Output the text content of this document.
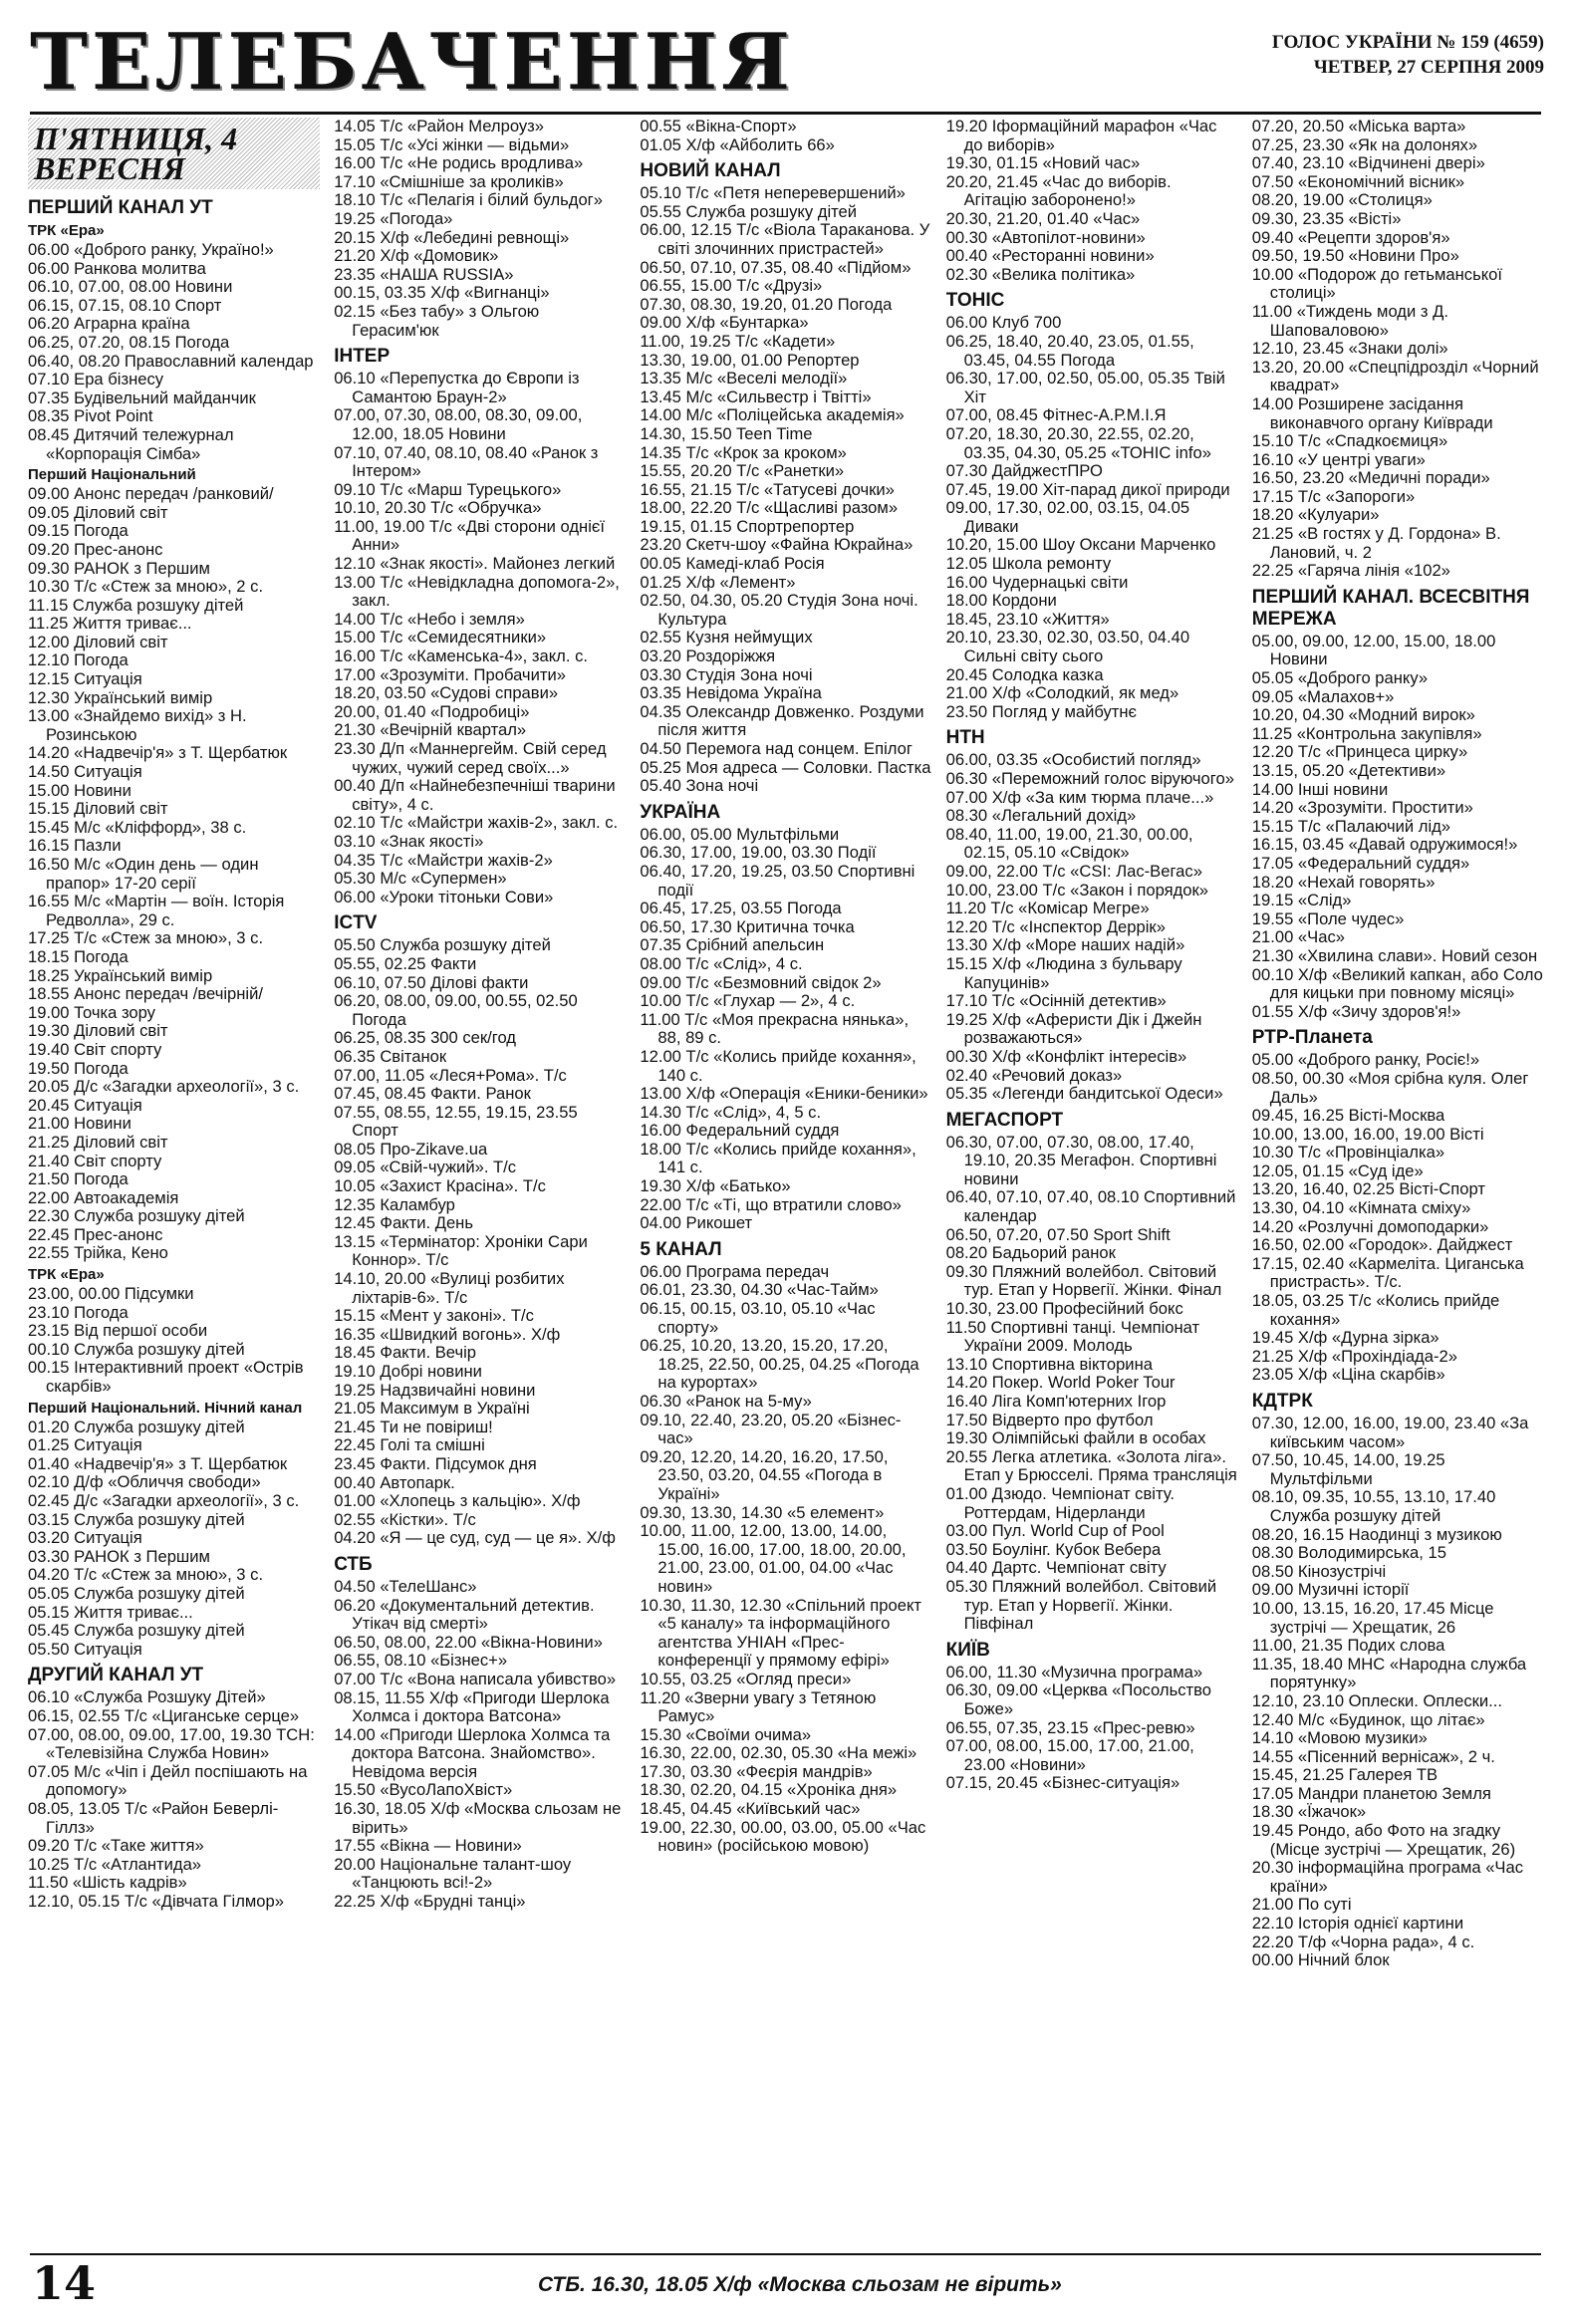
ТЕЛЕБАЧЕННЯ	ГОЛОС УКРАЇНИ № 159 (4659)
ЧЕТВЕР, 27 СЕРПНЯ 2009
П'ЯТНИЦЯ, 4 ВЕРЕСНЯ
ПЕРШИЙ КАНАЛ УТ
ТРК «Ера»
06.00 «Доброго ранку, Україно!»
06.00 Ранкова молитва
06.10, 07.00, 08.00 Новини
06.15, 07.15, 08.10 Спорт
06.20 Аграрна країна
06.25, 07.20, 08.15 Погода
06.40, 08.20 Православний календар
07.10 Ера бізнесу
07.35 Будівельний майданчик
08.35 Pivot Point
08.45 Дитячий тележурнал «Корпорація Сімба»
Перший Національний
09.00 Анонс передач /ранковий/
09.05 Діловий світ
09.15 Погода
09.20 Прес-анонс
09.30 РАНОК з Першим
10.30 Т/с «Стеж за мною», 2 с.
11.15 Служба розшуку дітей
11.25 Життя триває...
12.00 Діловий світ
12.10 Погода
12.15 Ситуація
12.30 Український вимір
13.00 «Знайдемо вихід» з Н. Розинською
14.20 «Надвечір'я» з Т. Щербатюк
14.50 Ситуація
15.00 Новини
15.15 Діловий світ
15.45 М/с «Кліффорд», 38 с.
16.15 Пазли
16.50 М/с «Один день — один прапор» 17-20 серії
16.55 М/с «Мартін — воїн. Історія Редволла», 29 с.
17.25 Т/с «Стеж за мною», 3 с.
18.15 Погода
18.25 Український вимір
18.55 Анонс передач /вечірній/
19.00 Точка зору
19.30 Діловий світ
19.40 Світ спорту
19.50 Погода
20.05 Д/с «Загадки археології», 3 с.
20.45 Ситуація
21.00 Новини
21.25 Діловий світ
21.40 Світ спорту
21.50 Погода
22.00 Автоакадемія
22.30 Служба розшуку дітей
22.45 Прес-анонс
22.55 Трійка, Кено
ТРК «Ера»
23.00, 00.00 Підсумки
23.10 Погода
23.15 Від першої особи
00.10 Служба розшуку дітей
00.15 Інтерактивний проект «Острів скарбів»
Перший Національний. Нічний канал
01.20 Служба розшуку дітей
01.25 Ситуація
01.40 «Надвечір'я» з Т. Щербатюк
02.10 Д/ф «Обличчя свободи»
02.45 Д/с «Загадки археології», 3 с.
03.15 Служба розшуку дітей
03.20 Ситуація
03.30 РАНОК з Першим
04.20 Т/с «Стеж за мною», 3 с.
05.05 Служба розшуку дітей
05.15 Життя триває...
05.45 Служба розшуку дітей
05.50 Ситуація
ДРУГИЙ КАНАЛ УТ
06.10 «Служба Розшуку Дітей»
06.15, 02.55 Т/с «Циганське серце»
07.00, 08.00, 09.00, 17.00, 19.30 ТСН: «Телевізійна Служба Новин»
07.05 М/с «Чіп і Дейл поспішають на допомогу»
08.05, 13.05 Т/с «Район Беверлі-Гіллз»
09.20 Т/с «Таке життя»
10.25 Т/с «Атлантида»
11.50 «Шість кадрів»
12.10, 05.15 Т/с «Дівчата Гілмор»
14.05 Т/с «Район Мелроуз»
15.05 Т/с «Усі жінки — відьми»
16.00 Т/с «Не родись вродлива»
17.10 «Смішніше за кроликів»
18.10 Т/с «Пелагія і білий бульдог»
19.25 «Погода»
20.15 Х/ф «Лебедині ревнощі»
21.20 Х/ф «Домовик»
23.35 «НАША RUSSIA»
00.15, 03.35 Х/ф «Вигнанці»
02.15 «Без табу» з Ольгою Герасим'юк
ІНТЕР
06.10 «Перепустка до Європи із Самантою Браун-2»
07.00, 07.30, 08.00, 08.30, 09.00, 12.00, 18.05 Новини
07.10, 07.40, 08.10, 08.40 «Ранок з Інтером»
09.10 Т/с «Марш Турецького»
10.10, 20.30 Т/с «Обручка»
11.00, 19.00 Т/с «Дві сторони однієї Анни»
12.10 «Знак якості». Майонез легкий
13.00 Т/с «Невідкладна допомога-2», закл.
14.00 Т/с «Небо і земля»
15.00 Т/с «Семидесятники»
16.00 Т/с «Каменська-4», закл. с.
17.00 «Зрозуміти. Пробачити»
18.20, 03.50 «Судові справи»
20.00, 01.40 «Подробиці»
21.30 «Вечірній квартал»
23.30 Д/п «Маннергейм. Свій серед чужих, чужий серед своїх...»
00.40 Д/п «Найнебезпечніші тварини світу», 4 с.
02.10 Т/с «Майстри жахів-2», закл. с.
03.10 «Знак якості»
04.35 Т/с «Майстри жахів-2»
05.30 М/с «Супермен»
06.00 «Уроки тітоньки Сови»
ICTV
05.50 Служба розшуку дітей
05.55, 02.25 Факти
06.10, 07.50 Ділові факти
06.20, 08.00, 09.00, 00.55, 02.50 Погода
06.25, 08.35 300 сек/год
06.35 Світанок
07.00, 11.05 «Леся+Рома». Т/с
07.45, 08.45 Факти. Ранок
07.55, 08.55, 12.55, 19.15, 23.55 Спорт
08.05 Про-Zikave.ua
09.05 «Свій-чужий». Т/с
10.05 «Захист Красіна». Т/с
12.35 Каламбур
12.45 Факти. День
13.15 «Термінатор: Хроніки Сари Коннор». Т/с
14.10, 20.00 «Вулиці розбитих ліхтарів-6». Т/с
15.15 «Мент у законі». Т/с
16.35 «Швидкий вогонь». Х/ф
18.45 Факти. Вечір
19.10 Добрі новини
19.25 Надзвичайні новини
21.05 Максимум в Україні
21.45 Ти не повіриш!
22.45 Голі та смішні
23.45 Факти. Підсумок дня
00.40 Автопарк.
01.00 «Хлопець з кальцію». Х/ф
02.55 «Кістки». Т/с
04.20 «Я — це суд, суд — це я». Х/ф
СТБ
04.50 «ТелеШанс»
06.20 «Документальний детектив. Утікач від смерті»
06.50, 08.00, 22.00 «Вікна-Новини»
06.55, 08.10 «Бізнес+»
07.00 Т/с «Вона написала убивство»
08.15, 11.55 Х/ф «Пригоди Шерлока Холмса і доктора Ватсона»
14.00 «Пригоди Шерлока Холмса та доктора Ватсона. Знайомство». Невідома версія
15.50 «ВусоЛапоХвіст»
16.30, 18.05 Х/ф «Москва сльозам не вірить»
17.55 «Вікна — Новини»
20.00 Національне талант-шоу «Танцюють всі!-2»
22.25 Х/ф «Брудні танці»
00.55 «Вікна-Спорт»
01.05 Х/ф «Айболить 66»
НОВИЙ КАНАЛ
05.10 Т/с «Петя неперевершений»
05.55 Служба розшуку дітей
06.00, 12.15 Т/с «Віола Тараканова. У світі злочинних пристрастей»
06.50, 07.10, 07.35, 08.40 «Підйом»
06.55, 15.00 Т/с «Друзі»
07.30, 08.30, 19.20, 01.20 Погода
09.00 Х/ф «Бунтарка»
11.00, 19.25 Т/с «Кадети»
13.30, 19.00, 01.00 Репортер
13.35 М/с «Веселі мелодії»
13.45 М/с «Сильвестр і Твітті»
14.00 М/с «Поліцейська академія»
14.30, 15.50 Teen Time
14.35 Т/с «Крок за кроком»
15.55, 20.20 Т/с «Ранетки»
16.55, 21.15 Т/с «Татусеві дочки»
18.00, 22.20 Т/с «Щасливі разом»
19.15, 01.15 Спортрепортер
23.20 Скетч-шоу «Файна Юкрайна»
00.05 Камеді-клаб Росія
01.25 Х/ф «Лемент»
02.50, 04.30, 05.20 Студія Зона ночі. Культура
02.55 Кузня неймущих
03.20 Роздоріжжя
03.30 Студія Зона ночі
03.35 Невідома Україна
04.35 Олександр Довженко. Роздуми після життя
04.50 Перемога над сонцем. Епілог
05.25 Моя адреса — Соловки. Пастка
05.40 Зона ночі
УКРАЇНА
06.00, 05.00 Мультфільми
06.30, 17.00, 19.00, 03.30 Події
06.40, 17.20, 19.25, 03.50 Спортивні події
06.45, 17.25, 03.55 Погода
06.50, 17.30 Критична точка
07.35 Срібний апельсин
08.00 Т/с «Слід», 4 с.
09.00 Т/с «Безмовний свідок 2»
10.00 Т/с «Глухар — 2», 4 с.
11.00 Т/с «Моя прекрасна нянька», 88, 89 с.
12.00 Т/с «Колись прийде кохання», 140 с.
13.00 Х/ф «Операція «Еники-беники»
14.30 Т/с «Слід», 4, 5 с.
16.00 Федеральний суддя
18.00 Т/с «Колись прийде кохання», 141 с.
19.30 Х/ф «Батько»
22.00 Т/с «Ті, що втратили слово»
04.00 Рикошет
5 КАНАЛ
06.00 Програма передач
06.01, 23.30, 04.30 «Час-Тайм»
06.15, 00.15, 03.10, 05.10 «Час спорту»
06.25, 10.20, 13.20, 15.20, 17.20, 18.25, 22.50, 00.25, 04.25 «Погода на курортах»
06.30 «Ранок на 5-му»
09.10, 22.40, 23.20, 05.20 «Бізнес-час»
09.20, 12.20, 14.20, 16.20, 17.50, 23.50, 03.20, 04.55 «Погода в Україні»
09.30, 13.30, 14.30 «5 елемент»
10.00, 11.00, 12.00, 13.00, 14.00, 15.00, 16.00, 17.00, 18.00, 20.00, 21.00, 23.00, 01.00, 04.00 «Час новин»
10.30, 11.30, 12.30 «Спільний проект «5 каналу» та інформаційного агентства УНІАН «Прес-конференції у прямому ефірі»
10.55, 03.25 «Огляд преси»
11.20 «Зверни увагу з Тетяною Рамус»
15.30 «Своїми очима»
16.30, 22.00, 02.30, 05.30 «На межі»
17.30, 03.30 «Феєрія мандрів»
18.30, 02.20, 04.15 «Хроніка дня»
18.45, 04.45 «Київський час»
19.00, 22.30, 00.00, 03.00, 05.00 «Час новин» (російською мовою)
19.20 Іформаційний марафон «Час до виборів»
19.30, 01.15 «Новий час»
20.20, 21.45 «Час до виборів. Агітацію заборонено!»
20.30, 21.20, 01.40 «Час»
00.30 «Автопілот-новини»
00.40 «Ресторанні новини»
02.30 «Велика політика»
TOHIC
06.00 Клуб 700
06.25, 18.40, 20.40, 23.05, 01.55, 03.45, 04.55 Погода
06.30, 17.00, 02.50, 05.00, 05.35 Твій Хіт
07.00, 08.45 Фітнес-А.Р.М.І.Я
07.20, 18.30, 20.30, 22.55, 02.20, 03.35, 04.30, 05.25 «ТОНІС info»
07.30 ДайджестПРО
07.45, 19.00 Хіт-парад дикої природи
09.00, 17.30, 02.00, 03.15, 04.05 Диваки
10.20, 15.00 Шоу Оксани Марченко
12.05 Школа ремонту
16.00 Чудернацькі світи
18.00 Кордони
18.45, 23.10 «Життя»
20.10, 23.30, 02.30, 03.50, 04.40 Сильні світу сього
20.45 Солодка казка
21.00 Х/ф «Солодкий, як мед»
23.50 Погляд у майбутнє
НТН
06.00, 03.35 «Особистий погляд»
06.30 «Переможний голос віруючого»
07.00 Х/ф «За ким тюрма плаче...»
08.30 «Легальний дохід»
08.40, 11.00, 19.00, 21.30, 00.00, 02.15, 05.10 «Свідок»
09.00, 22.00 Т/с «CSI: Лас-Вегас»
10.00, 23.00 Т/с «Закон і порядок»
11.20 Т/с «Комісар Мегре»
12.20 Т/с «Інспектор Деррік»
13.30 Х/ф «Море наших надій»
15.15 Х/ф «Людина з бульвару Капуцинів»
17.10 Т/с «Осінній детектив»
19.25 Х/ф «Аферисти Дік і Джейн розважаються»
00.30 Х/ф «Конфлікт інтересів»
02.40 «Речовий доказ»
05.35 «Легенди бандитської Одеси»
МЕГАСПОРТ
06.30, 07.00, 07.30, 08.00, 17.40, 19.10, 20.35 Мегафон. Спортивні новини
06.40, 07.10, 07.40, 08.10 Спортивний календар
06.50, 07.20, 07.50 Sport Shift
08.20 Бадьорий ранок
09.30 Пляжний волейбол. Світовий тур. Етап у Норвегії. Жінки. Фінал
10.30, 23.00 Професійний бокс
11.50 Спортивні танці. Чемпіонат України 2009. Молодь
13.10 Спортивна вікторина
14.20 Покер. World Poker Tour
16.40 Ліга Комп'ютерних Ігор
17.50 Відверто про футбол
19.30 Олімпійські файли в особах
20.55 Легка атлетика. «Золота ліга». Етап у Брюсселі. Пряма трансляція
01.00 Дзюдо. Чемпіонат світу. Роттердам, Нідерланди
03.00 Пул. World Cup of Pool
03.50 Боулінг. Кубок Вебера
04.40 Дартс. Чемпіонат світу
05.30 Пляжний волейбол. Світовий тур. Етап у Норвегії. Жінки. Півфінал
КИЇВ
06.00, 11.30 «Музична програма»
06.30, 09.00 «Церква «Посольство Боже»
06.55, 07.35, 23.15 «Прес-ревю»
07.00, 08.00, 15.00, 17.00, 21.00, 23.00 «Новини»
07.15, 20.45 «Бізнес-ситуація»
07.20, 20.50 «Міська варта»
07.25, 23.30 «Як на долонях»
07.40, 23.10 «Відчинені двері»
07.50 «Економічний вісник»
08.20, 19.00 «Столиця»
09.30, 23.35 «Вісті»
09.40 «Рецепти здоров'я»
09.50, 19.50 «Новини Про»
10.00 «Подорож до гетьманської столиці»
11.00 «Тиждень моди з Д. Шаповаловою»
12.10, 23.45 «Знаки долі»
13.20, 20.00 «Спецпідрозділ «Чорний квадрат»
14.00 Розширене засідання виконавчого органу Київради
15.10 Т/с «Спадкоємиця»
16.10 «У центрі уваги»
16.50, 23.20 «Медичні поради»
17.15 Т/с «Запороги»
18.20 «Кулуари»
21.25 «В гостях у Д. Гордона» В. Лановий, ч. 2
22.25 «Гаряча лінія «102»
ПЕРШИЙ КАНАЛ. ВСЕСВІТНЯ МЕРЕЖА
05.00, 09.00, 12.00, 15.00, 18.00 Новини
05.05 «Доброго ранку»
09.05 «Малахов+»
10.20, 04.30 «Модний вирок»
11.25 «Контрольна закупівля»
12.20 Т/с «Принцеса цирку»
13.15, 05.20 «Детективи»
14.00 Інші новини
14.20 «Зрозуміти. Простити»
15.15 Т/с «Палаючий лід»
16.15, 03.45 «Давай одружимося!»
17.05 «Федеральний суддя»
18.20 «Нехай говорять»
19.15 «Слід»
19.55 «Поле чудес»
21.00 «Час»
21.30 «Хвилина слави». Новий сезон
00.10 Х/ф «Великий капкан, або Соло для кицьки при повному місяці»
01.55 Х/ф «Зичу здоров'я!»
РТР-Планета
05.00 «Доброго ранку, Росіє!»
08.50, 00.30 «Моя срібна куля. Олег Даль»
09.45, 16.25 Вісті-Москва
10.00, 13.00, 16.00, 19.00 Вісті
10.30 Т/с «Провінціалка»
12.05, 01.15 «Суд іде»
13.20, 16.40, 02.25 Вісті-Спорт
13.30, 04.10 «Кімната сміху»
14.20 «Розлучні домоподарки»
16.50, 02.00 «Городок». Дайджест
17.15, 02.40 «Кармеліта. Циганська пристрасть». Т/с.
18.05, 03.25 Т/с «Колись прийде кохання»
19.45 Х/ф «Дурна зірка»
21.25 Х/ф «Прохіндіада-2»
23.05 Х/ф «Ціна скарбів»
КДТРК
07.30, 12.00, 16.00, 19.00, 23.40 «За київським часом»
07.50, 10.45, 14.00, 19.25 Мультфільми
08.10, 09.35, 10.55, 13.10, 17.40 Служба розшуку дітей
08.20, 16.15 Наодинці з музикою
08.30 Володимирська, 15
08.50 Кінозустрічі
09.00 Музичні історії
10.00, 13.15, 16.20, 17.45 Місце зустрічі — Хрещатик, 26
11.00, 21.35 Подих слова
11.35, 18.40 МНС «Народна служба порятунку»
12.10, 23.10 Оплески. Оплески...
12.40 М/с «Будинок, що літає»
14.10 «Мовою музики»
14.55 «Пісенний вернісаж», 2 ч.
15.45, 21.25 Галерея ТВ
17.05 Мандри планетою Земля
18.30 «Їжачок»
19.45 Рондо, або Фото на згадку (Місце зустрічі — Хрещатик, 26)
20.30 інформаційна програма «Час країни»
21.00 По суті
22.10 Історія однієї картини
22.20 Т/ф «Чорна рада», 4 с.
00.00 Нічний блок
14	СТБ. 16.30, 18.05 Х/ф «Москва сльозам не вірить»
